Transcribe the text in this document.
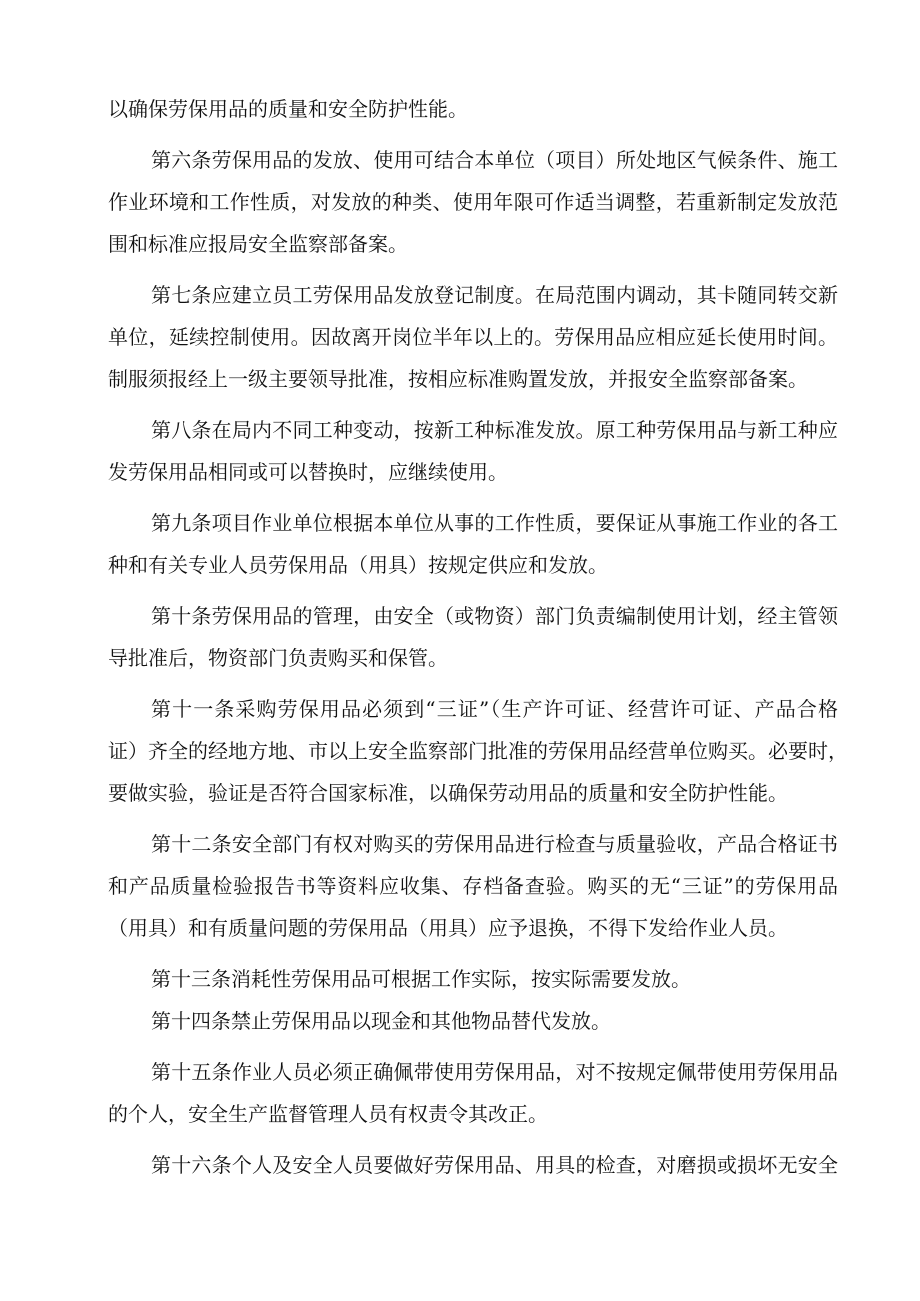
以确保劳保用品的质量和安全防护性能。
第六条劳保用品的发放、使用可结合本单位（项目）所处地区气候条件、施工
作业环境和工作性质，对发放的种类、使用年限可作适当调整，若重新制定发放范
围和标准应报局安全监察部备案。
第七条应建立员工劳保用品发放登记制度。在局范围内调动，其卡随同转交新
单位，延续控制使用。因故离开岗位半年以上的。劳保用品应相应延长使用时间。
制服须报经上一级主要领导批准，按相应标准购置发放，并报安全监察部备案。
第八条在局内不同工种变动，按新工种标准发放。原工种劳保用品与新工种应
发劳保用品相同或可以替换时，应继续使用。
第九条项目作业单位根据本单位从事的工作性质，要保证从事施工作业的各工
种和有关专业人员劳保用品（用具）按规定供应和发放。
第十条劳保用品的管理，由安全（或物资）部门负责编制使用计划，经主管领
导批准后，物资部门负责购买和保管。
第十一条采购劳保用品必须到“三证”（生产许可证、经营许可证、产品合格
证）齐全的经地方地、市以上安全监察部门批准的劳保用品经营单位购买。必要时，
要做实验，验证是否符合国家标准，以确保劳动用品的质量和安全防护性能。
第十二条安全部门有权对购买的劳保用品进行检查与质量验收，产品合格证书
和产品质量检验报告书等资料应收集、存档备查验。购买的无“三证”的劳保用品
（用具）和有质量问题的劳保用品（用具）应予退换，不得下发给作业人员。
第十三条消耗性劳保用品可根据工作实际，按实际需要发放。
第十四条禁止劳保用品以现金和其他物品替代发放。
第十五条作业人员必须正确佩带使用劳保用品，对不按规定佩带使用劳保用品
的个人，安全生产监督管理人员有权责令其改正。
第十六条个人及安全人员要做好劳保用品、用具的检查，对磨损或损坏无安全
